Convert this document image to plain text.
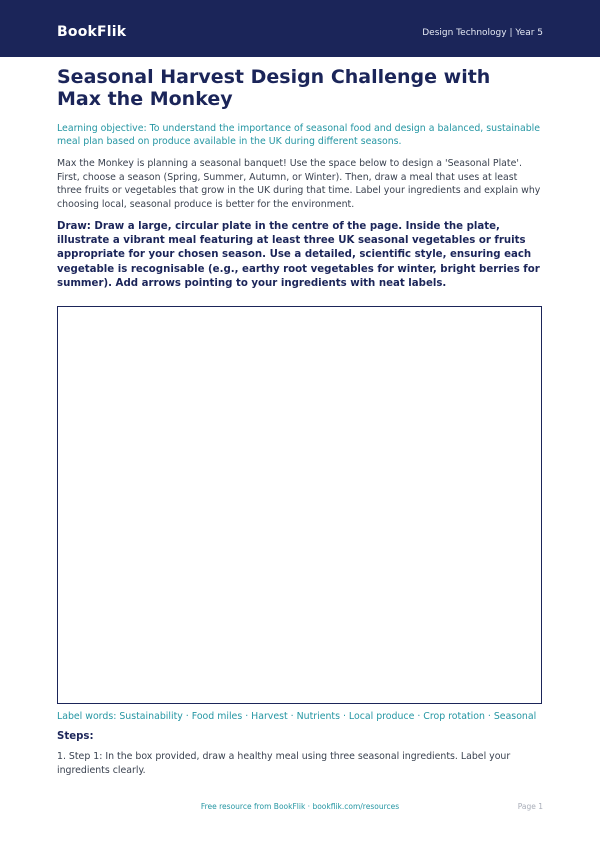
BookFlik	Design Technology | Year 5
Seasonal Harvest Design Challenge with Max the Monkey

Learning objective: To understand the importance of seasonal food and design a balanced, sustainable meal plan based on produce available in the UK during different seasons.

Max the Monkey is planning a seasonal banquet! Use the space below to design a 'Seasonal Plate'. First, choose a season (Spring, Summer, Autumn, or Winter). Then, draw a meal that uses at least three fruits or vegetables that grow in the UK during that time. Label your ingredients and explain why choosing local, seasonal produce is better for the environment.

Draw: Draw a large, circular plate in the centre of the page. Inside the plate, illustrate a vibrant meal featuring at least three UK seasonal vegetables or fruits appropriate for your chosen season. Use a detailed, scientific style, ensuring each vegetable is recognisable (e.g., earthy root vegetables for winter, bright berries for summer). Add arrows pointing to your ingredients with neat labels.

Label words: Sustainability · Food miles · Harvest · Nutrients · Local produce · Crop rotation · Seasonal

Steps:

1. Step 1: In the box provided, draw a healthy meal using three seasonal ingredients. Label your ingredients clearly.

Free resource from BookFlik · bookflik.com/resources	Page 1
